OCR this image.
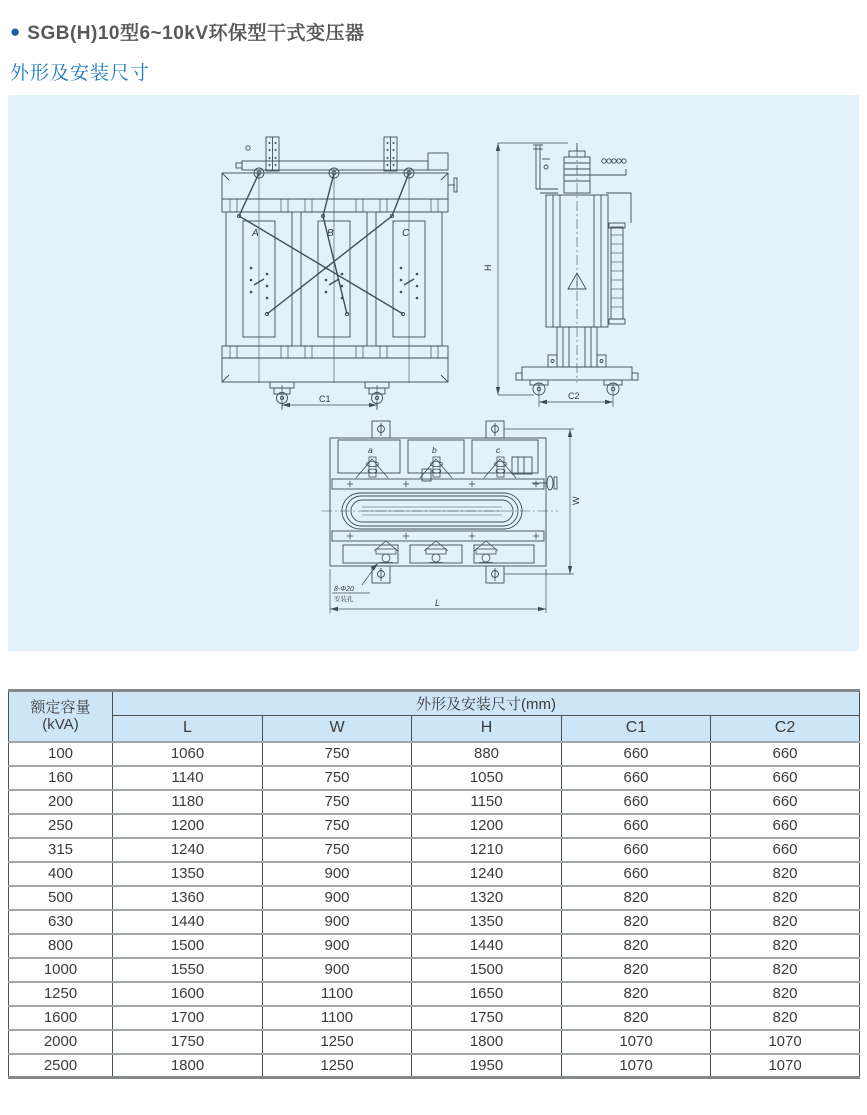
● SGB(H)10型6~10kV环保型干式变压器
外形及安装尺寸
A	B	C
C1
H
C2
a	b	c
8-Φ20
安装孔	L
W
额定容量
(kVA)	外形及安装尺寸(mm)				
	L	W	H	C1	C2
100	1060	750	880	660	660
160	1140	750	1050	660	660
200	1180	750	1150	660	660
250	1200	750	1200	660	660
315	1240	750	1210	660	660
400	1350	900	1240	660	820
500	1360	900	1320	820	820
630	1440	900	1350	820	820
800	1500	900	1440	820	820
1000	1550	900	1500	820	820
1250	1600	1100	1650	820	820
1600	1700	1100	1750	820	820
2000	1750	1250	1800	1070	1070
2500	1800	1250	1950	1070	1070
